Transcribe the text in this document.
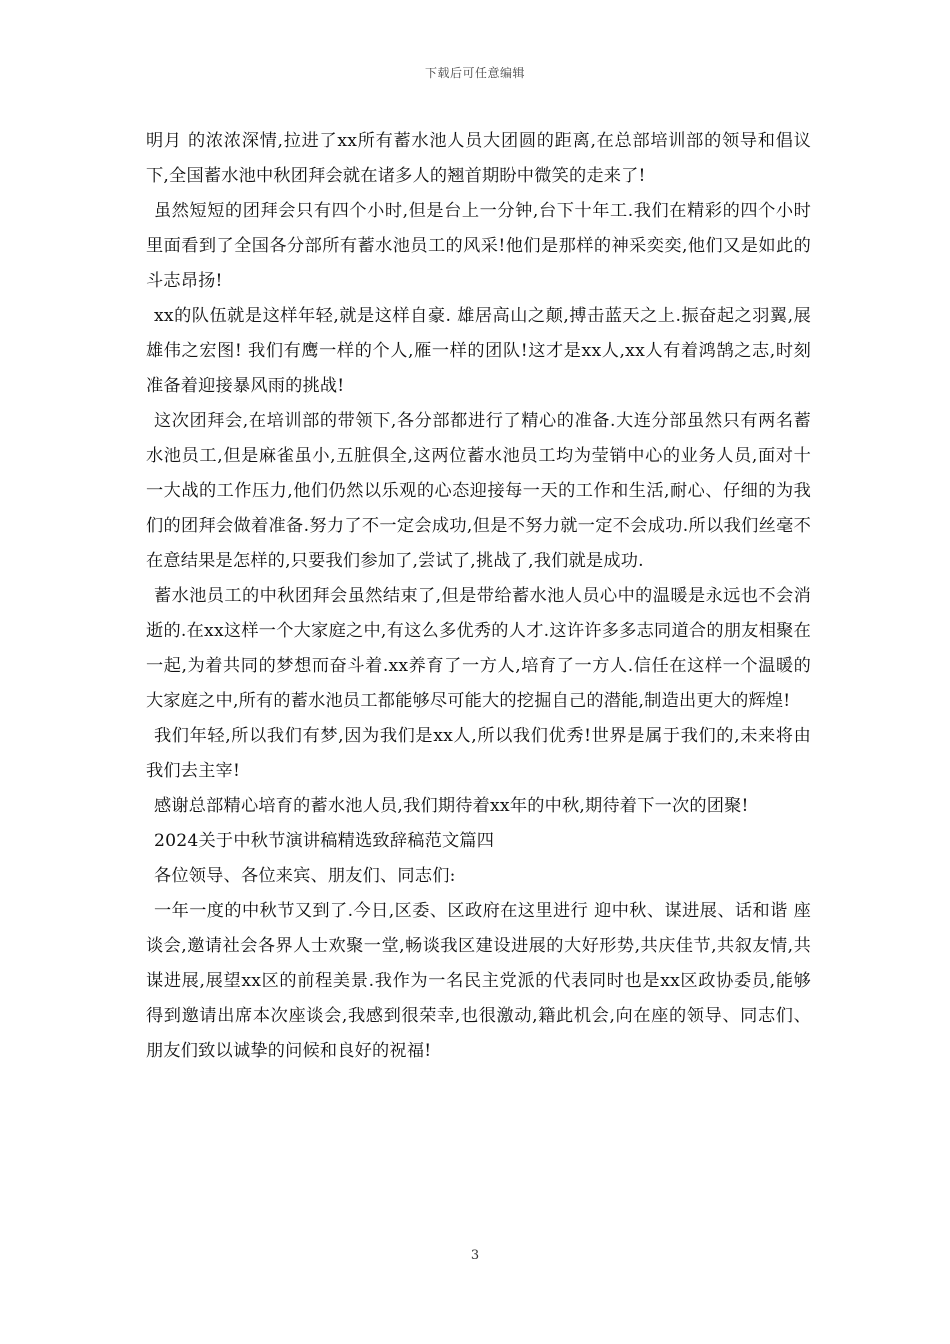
下载后可任意编辑

明月 的浓浓深情,拉进了xx所有蓄水池人员大团圆的距离,在总部培训部的领导和倡议下,全国蓄水池中秋团拜会就在诸多人的翘首期盼中微笑的走来了!

虽然短短的团拜会只有四个小时,但是台上一分钟,台下十年工.我们在精彩的四个小时里面看到了全国各分部所有蓄水池员工的风采!他们是那样的神采奕奕,他们又是如此的斗志昂扬!

xx的队伍就是这样年轻,就是这样自豪. 雄居高山之颠,搏击蓝天之上.振奋起之羽翼,展雄伟之宏图! 我们有鹰一样的个人,雁一样的团队!这才是xx人,xx人有着鸿鹄之志,时刻准备着迎接暴风雨的挑战!

这次团拜会,在培训部的带领下,各分部都进行了精心的准备.大连分部虽然只有两名蓄水池员工,但是麻雀虽小,五脏俱全,这两位蓄水池员工均为莹销中心的业务人员,面对十一大战的工作压力,他们仍然以乐观的心态迎接每一天的工作和生活,耐心、仔细的为我们的团拜会做着准备.努力了不一定会成功,但是不努力就一定不会成功.所以我们丝毫不在意结果是怎样的,只要我们参加了,尝试了,挑战了,我们就是成功.

蓄水池员工的中秋团拜会虽然结束了,但是带给蓄水池人员心中的温暖是永远也不会消逝的.在xx这样一个大家庭之中,有这么多优秀的人才.这许许多多志同道合的朋友相聚在一起,为着共同的梦想而奋斗着.xx养育了一方人,培育了一方人.信任在这样一个温暖的大家庭之中,所有的蓄水池员工都能够尽可能大的挖掘自己的潜能,制造出更大的辉煌!

我们年轻,所以我们有梦,因为我们是xx人,所以我们优秀!世界是属于我们的,未来将由我们去主宰!

感谢总部精心培育的蓄水池人员,我们期待着xx年的中秋,期待着下一次的团聚!

2024关于中秋节演讲稿精选致辞稿范文篇四

各位领导、各位来宾、朋友们、同志们:

一年一度的中秋节又到了.今日,区委、区政府在这里进行 迎中秋、谋进展、话和谐 座谈会,邀请社会各界人士欢聚一堂,畅谈我区建设进展的大好形势,共庆佳节,共叙友情,共谋进展,展望xx区的前程美景.我作为一名民主党派的代表同时也是xx区政协委员,能够得到邀请出席本次座谈会,我感到很荣幸,也很激动,籍此机会,向在座的领导、同志们、朋友们致以诚挚的问候和良好的祝福!

3
